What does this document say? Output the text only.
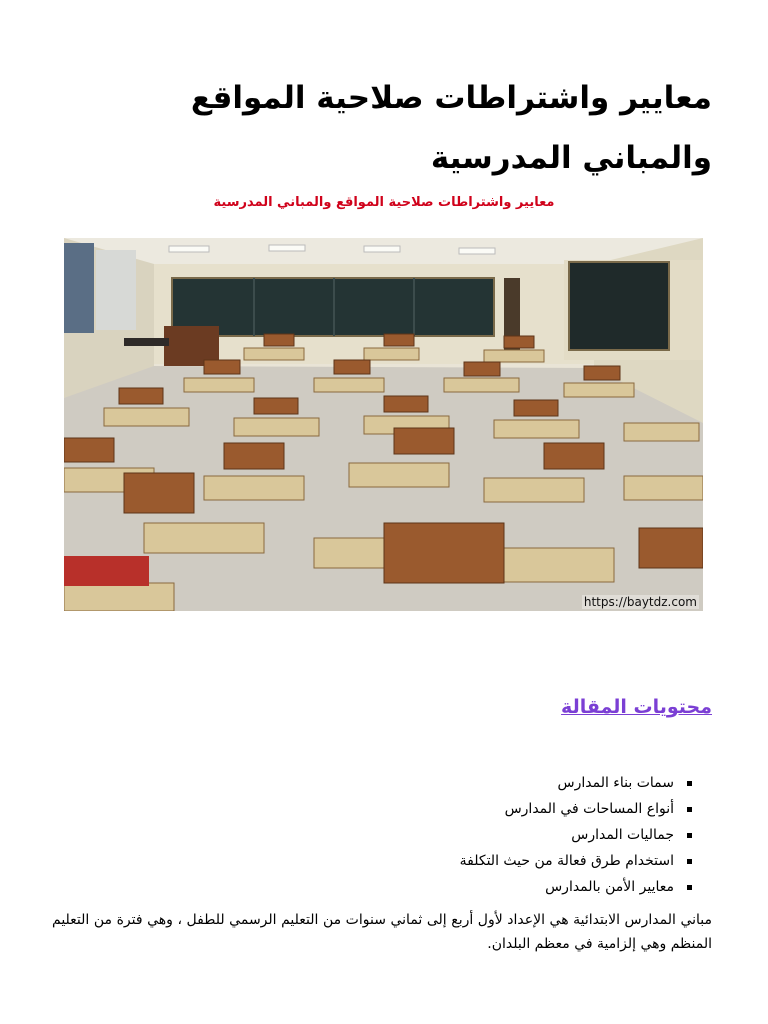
معايير واشتراطات صلاحية المواقع والمباني المدرسية

معايير واشتراطات صلاحية المواقع والمباني المدرسية

https://baytdz.com
محتويات المقالة
سمات بناء المدارس
أنواع المساحات في المدارس
جماليات المدارس
استخدام طرق فعالة من حيث التكلفة
معايير الأمن بالمدارس

مباني المدارس الابتدائية هي الإعداد لأول أربع إلى ثماني سنوات من التعليم الرسمي للطفل ، وهي فترة من التعليم المنظم وهي إلزامية في معظم البلدان.
